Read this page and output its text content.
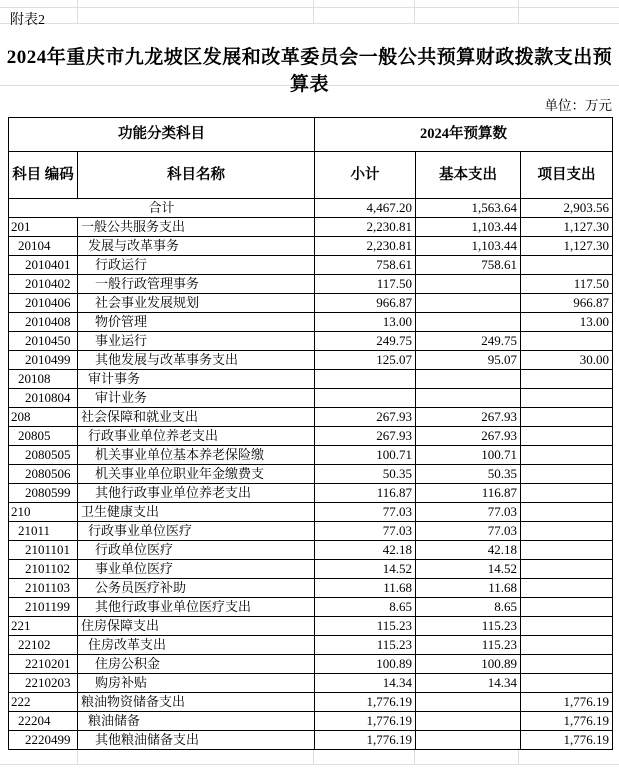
附表2
2024年重庆市九龙坡区发展和改革委员会一般公共预算财政拨款支出预算表
单位：万元
功能分类科目		2024年预算数		
科目 编码	科目名称	小计	基本支出	项目支出
合计		4,467.20	1,563.64	2,903.56
201	一般公共服务支出	2,230.81	1,103.44	1,127.30
20104	发展与改革事务	2,230.81	1,103.44	1,127.30
2010401	行政运行	758.61	758.61	
2010402	一般行政管理事务	117.50		117.50
2010406	社会事业发展规划	966.87		966.87
2010408	物价管理	13.00		13.00
2010450	事业运行	249.75	249.75	
2010499	其他发展与改革事务支出	125.07	95.07	30.00
20108	审计事务			
2010804	审计业务			
208	社会保障和就业支出	267.93	267.93	
20805	行政事业单位养老支出	267.93	267.93	
2080505	机关事业单位基本养老保险缴	100.71	100.71	
2080506	机关事业单位职业年金缴费支	50.35	50.35	
2080599	其他行政事业单位养老支出	116.87	116.87	
210	卫生健康支出	77.03	77.03	
21011	行政事业单位医疗	77.03	77.03	
2101101	行政单位医疗	42.18	42.18	
2101102	事业单位医疗	14.52	14.52	
2101103	公务员医疗补助	11.68	11.68	
2101199	其他行政事业单位医疗支出	8.65	8.65	
221	住房保障支出	115.23	115.23	
22102	住房改革支出	115.23	115.23	
2210201	住房公积金	100.89	100.89	
2210203	购房补贴	14.34	14.34	
222	粮油物资储备支出	1,776.19		1,776.19
22204	粮油储备	1,776.19		1,776.19
2220499	其他粮油储备支出	1,776.19		1,776.19
